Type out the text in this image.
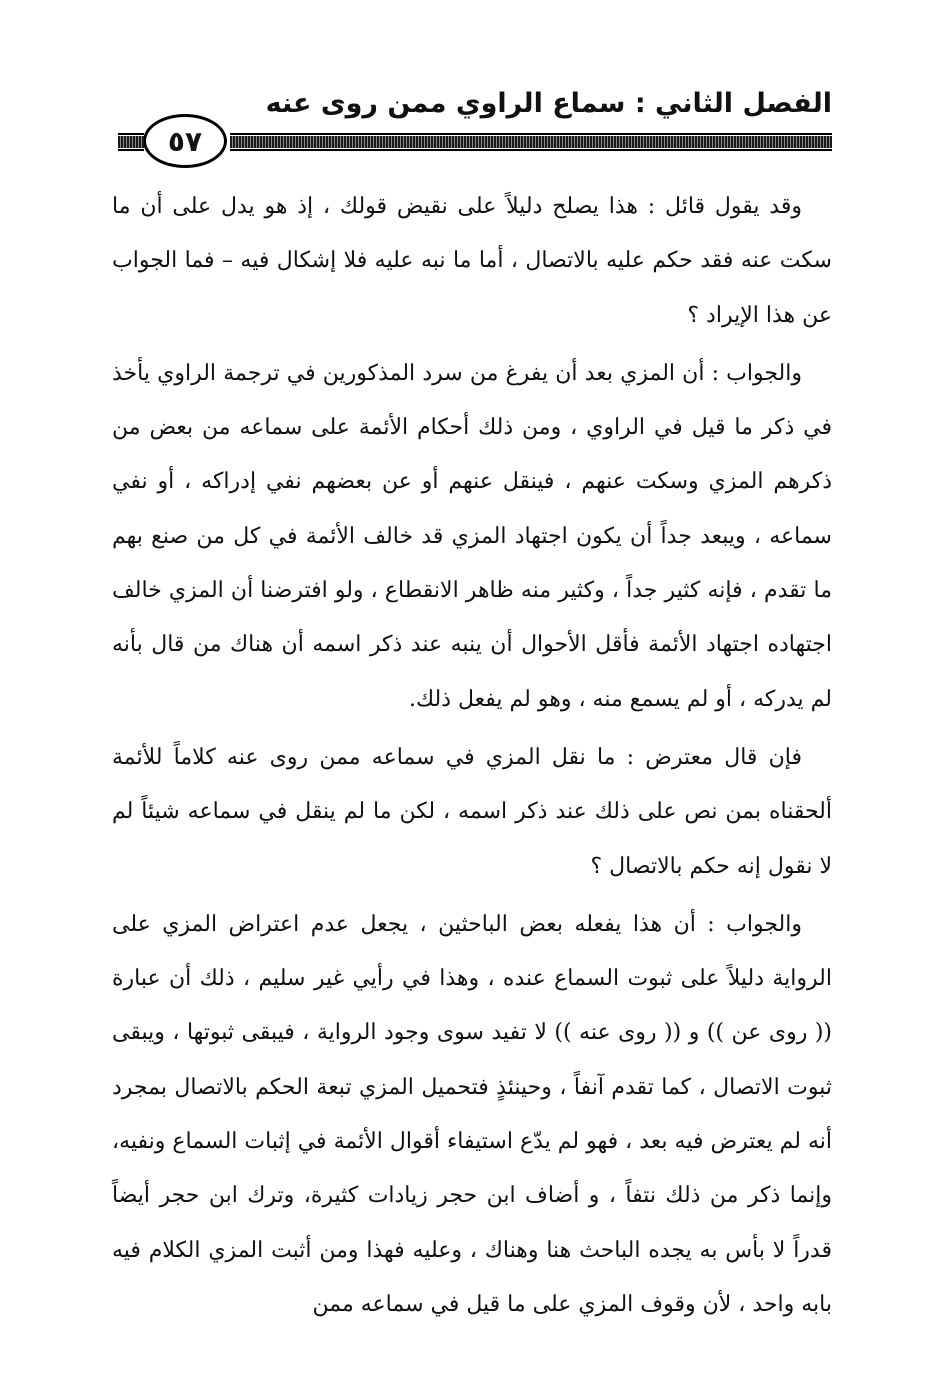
الفصل الثاني : سماع الراوي ممن روى عنه
٥٧

وقد يقول قائل : هذا يصلح دليلاً على نقيض قولك ، إذ هو يدل على أن ما سكت عنه فقد حكم عليه بالاتصال ، أما ما نبه عليه فلا إشكال فيه – فما الجواب عن هذا الإيراد ؟

والجواب : أن المزي بعد أن يفرغ من سرد المذكورين في ترجمة الراوي يأخذ في ذكر ما قيل في الراوي ، ومن ذلك أحكام الأئمة على سماعه من بعض من ذكرهم المزي وسكت عنهم ، فينقل عنهم أو عن بعضهم نفي إدراكه ، أو نفي سماعه ، ويبعد جداً أن يكون اجتهاد المزي قد خالف الأئمة في كل من صنع بهم ما تقدم ، فإنه كثير جداً ، وكثير منه ظاهر الانقطاع ، ولو افترضنا أن المزي خالف اجتهاده اجتهاد الأئمة فأقل الأحوال أن ينبه عند ذكر اسمه أن هناك من قال بأنه لم يدركه ، أو لم يسمع منه ، وهو لم يفعل ذلك.

فإن قال معترض : ما نقل المزي في سماعه ممن روى عنه كلاماً للأئمة ألحقناه بمن نص على ذلك عند ذكر اسمه ، لكن ما لم ينقل في سماعه شيئاً لم لا نقول إنه حكم بالاتصال ؟

والجواب : أن هذا يفعله بعض الباحثين ، يجعل عدم اعتراض المزي على الرواية دليلاً على ثبوت السماع عنده ، وهذا في رأيي غير سليم ، ذلك أن عبارة (( روى عن )) و (( روى عنه )) لا تفيد سوى وجود الرواية ، فيبقى ثبوتها ، ويبقى ثبوت الاتصال ، كما تقدم آنفاً ، وحينئذٍ فتحميل المزي تبعة الحكم بالاتصال بمجرد أنه لم يعترض فيه بعد ، فهو لم يدّع استيفاء أقوال الأئمة في إثبات السماع ونفيه، وإنما ذكر من ذلك نتفاً ، و أضاف ابن حجر زيادات كثيرة، وترك ابن حجر أيضاً قدراً لا بأس به يجده الباحث هنا وهناك ، وعليه فهذا ومن أثبت المزي الكلام فيه بابه واحد ، لأن وقوف المزي على ما قيل في سماعه ممن
